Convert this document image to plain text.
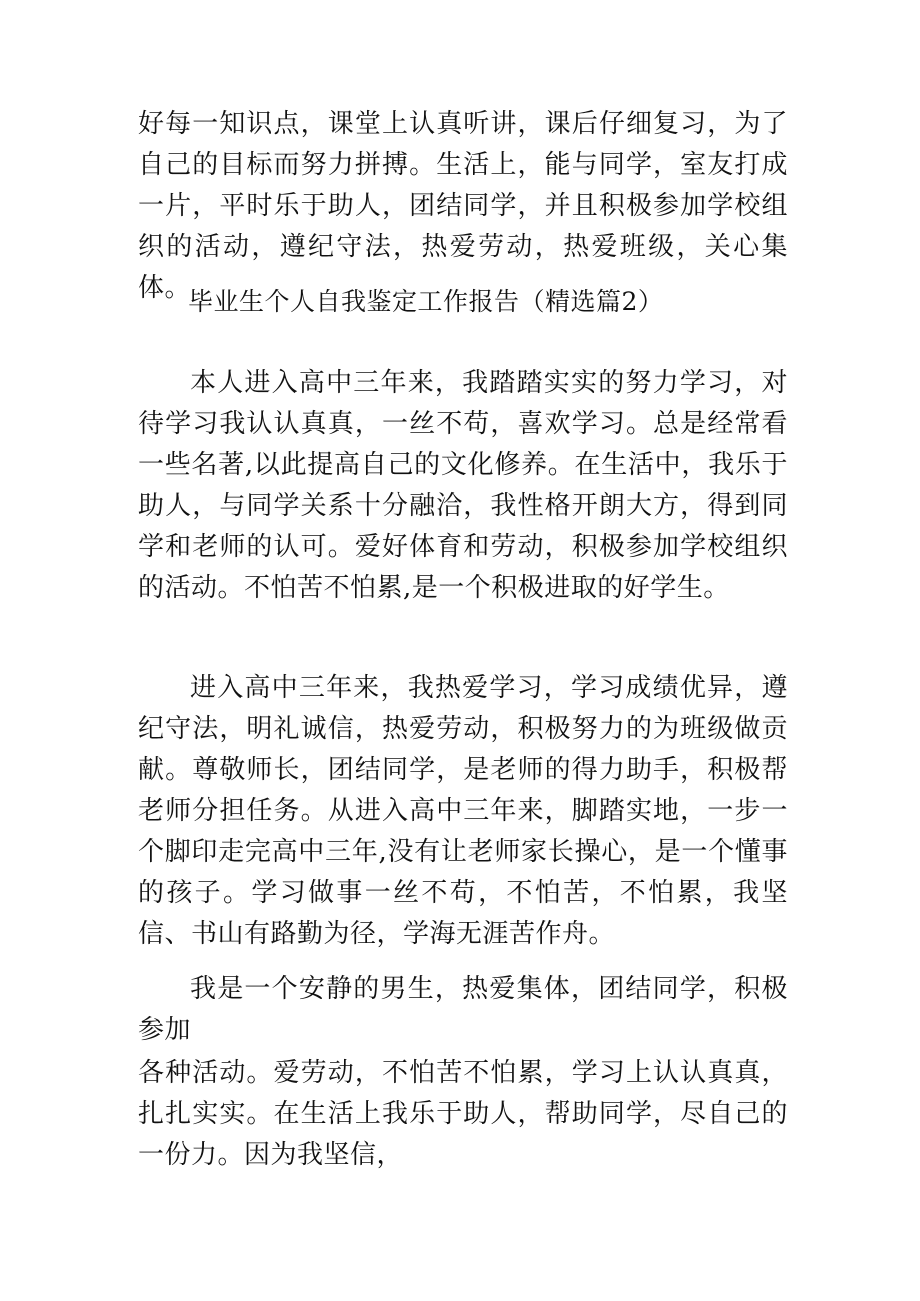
好每一知识点，课堂上认真听讲，课后仔细复习，为了自己的目标而努力拼搏。生活上，能与同学，室友打成一片，平时乐于助人，团结同学，并且积极参加学校组织的活动，遵纪守法，热爱劳动，热爱班级，关心集体。

毕业生个人自我鉴定工作报告（精选篇2）

本人进入高中三年来，我踏踏实实的努力学习，对待学习我认认真真，一丝不苟，喜欢学习。总是经常看一些名著,以此提高自己的文化修养。在生活中，我乐于助人，与同学关系十分融洽，我性格开朗大方，得到同学和老师的认可。爱好体育和劳动，积极参加学校组织的活动。不怕苦不怕累,是一个积极进取的好学生。

进入高中三年来，我热爱学习，学习成绩优异，遵纪守法，明礼诚信，热爱劳动，积极努力的为班级做贡献。尊敬师长，团结同学，是老师的得力助手，积极帮老师分担任务。从进入高中三年来，脚踏实地，一步一个脚印走完高中三年,没有让老师家长操心，是一个懂事的孩子。学习做事一丝不苟，不怕苦，不怕累，我坚信、书山有路勤为径，学海无涯苦作舟。

我是一个安静的男生，热爱集体，团结同学，积极参加

各种活动。爱劳动，不怕苦不怕累，学习上认认真真，扎扎实实。在生活上我乐于助人，帮助同学，尽自己的一份力。因为我坚信，
